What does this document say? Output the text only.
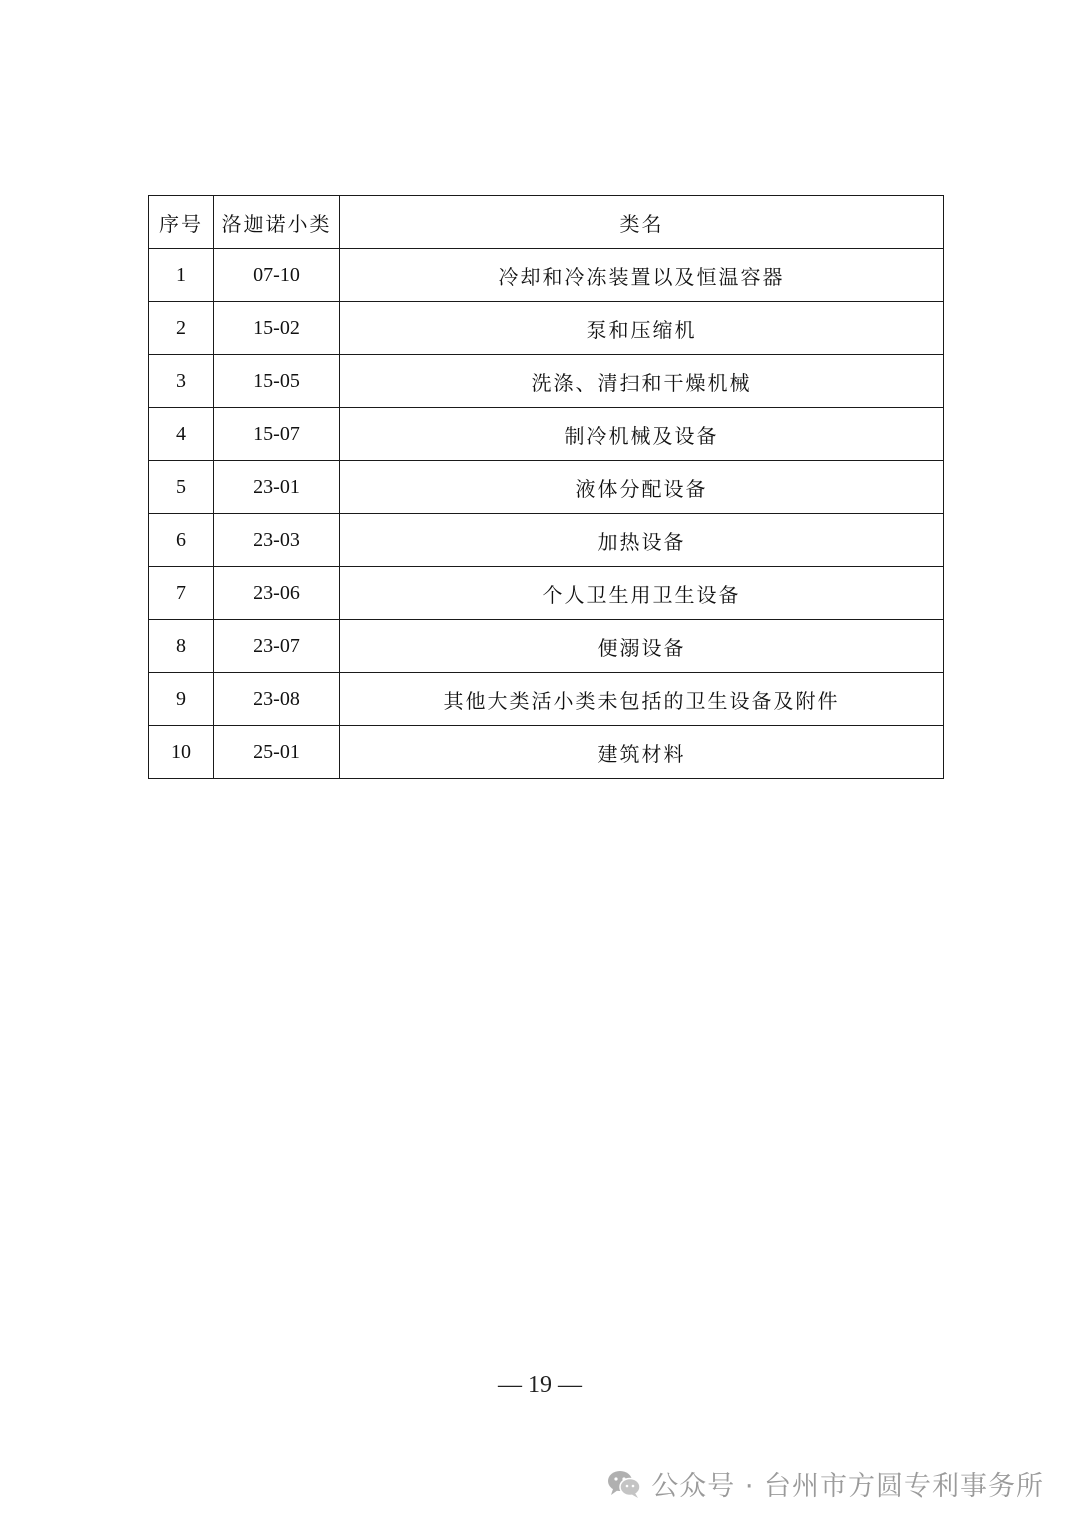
序号	洛迦诺小类	类名
1	07-10	冷却和冷冻装置以及恒温容器
2	15-02	泵和压缩机
3	15-05	洗涤、清扫和干燥机械
4	15-07	制冷机械及设备
5	23-01	液体分配设备
6	23-03	加热设备
7	23-06	个人卫生用卫生设备
8	23-07	便溺设备
9	23-08	其他大类活小类未包括的卫生设备及附件
10	25-01	建筑材料
— 19 —
公众号 · 台州市方圆专利事务所
